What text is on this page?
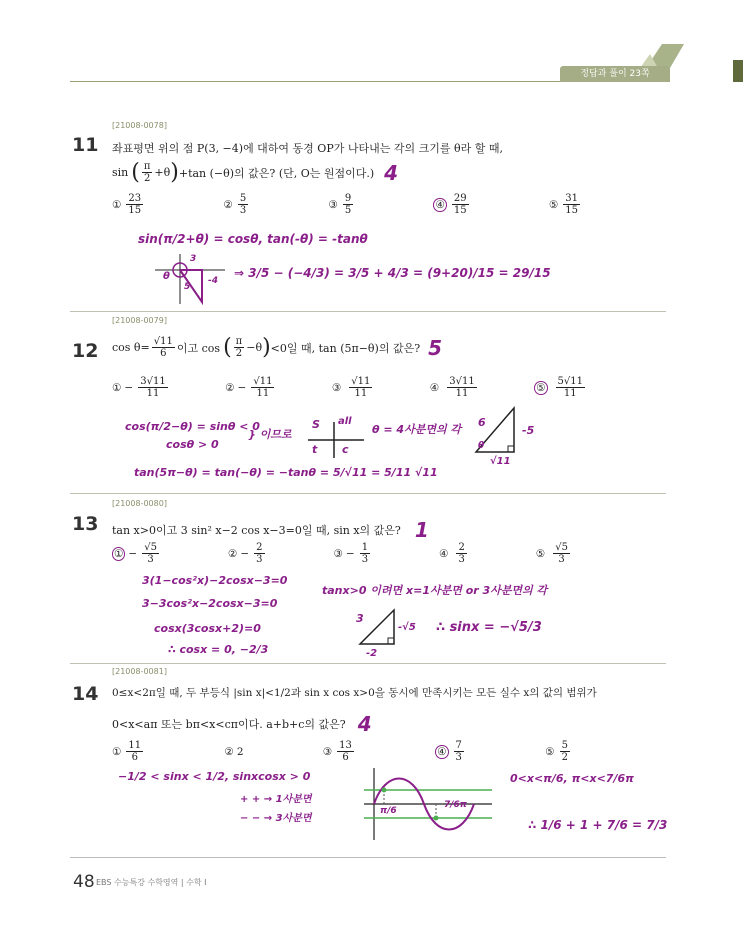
정답과 풀이 23쪽
[21008-0078]
11 좌표평면 위의 점 P(3, −4)에 대하여 동경 OP가 나타내는 각의 크기를 θ라 할 때,
sin ( $\frac{\pi}{2} +\theta$ ) +tan (−θ)의 값은? (단, O는 원점이다.) 4
① $\frac{23}{15}$	② $\frac{5}{3}$	③ $\frac{9}{5}$	④ $\frac{29}{15}$	⑤ $\frac{31}{15}$
sin(π/2+θ) = cosθ, tan(-θ) = -tanθ
3
5
-4
θ	⇒ 3/5 − (−4/3) = 3/5 + 4/3 = (9+20)/15 = 29/15
[21008-0079]
12 $\cos \theta= \frac{√11}{6}$ 이고 cos ( $\frac{\pi}{2} -\theta$ ) <0일 때, tan (5π−θ)의 값은? 5
① − $\frac{3√11}{11}$	② − $\frac{√11}{11}$	③ $\frac{√11}{11}$	④ $\frac{3√11}{11}$	⑤ $\frac{5√11}{11}$
cos(π/2−θ) = sinθ < 0
cosθ > 0
} 이므로
S all
t c
θ = 4사분면의 각
6
-5
θ
√11
tan(5π−θ) = tan(−θ) = −tanθ = 5/√11 = 5/11 √11
[21008-0080]
13 tan x>0이고 3 sin² x−2 cos x−3=0일 때, sin x의 값은? 1
① − $\frac{√5}{3}$	② − $\frac{2}{3}$	③ − $\frac{1}{3}$	④ $\frac{2}{3}$	⑤ $\frac{√5}{3}$
3(1−cos²x)−2cosx−3=0
3−3cos²x−2cosx−3=0
cosx(3cosx+2)=0
∴ cosx = 0, −2/3
tanx>0 이려면 x=1사분면 or 3사분면의 각
3
-√5
-2
∴ sinx = −√5/3
[21008-0081]
14 0≤x<2π일 때, 두 부등식 |sin x|<1/2과 sin x cos x>0을 동시에 만족시키는 모든 실수 x의 값의 범위가
0<x<aπ 또는 bπ<x<cπ이다. a+b+c의 값은? 4
① $\frac{11}{6}$	② 2	③ $\frac{13}{6}$	④ $\frac{7}{3}$	⑤ $\frac{5}{2}$
−1/2 < sinx < 1/2, sinxcosx > 0
+ + → 1사분면
− − → 3사분면
π/6
7/6π
0<x<π/6, π<x<7/6π
∴ 1/6 + 1 + 7/6 = 7/3
48 EBS 수능특강 수학영역 | 수학 Ⅰ
